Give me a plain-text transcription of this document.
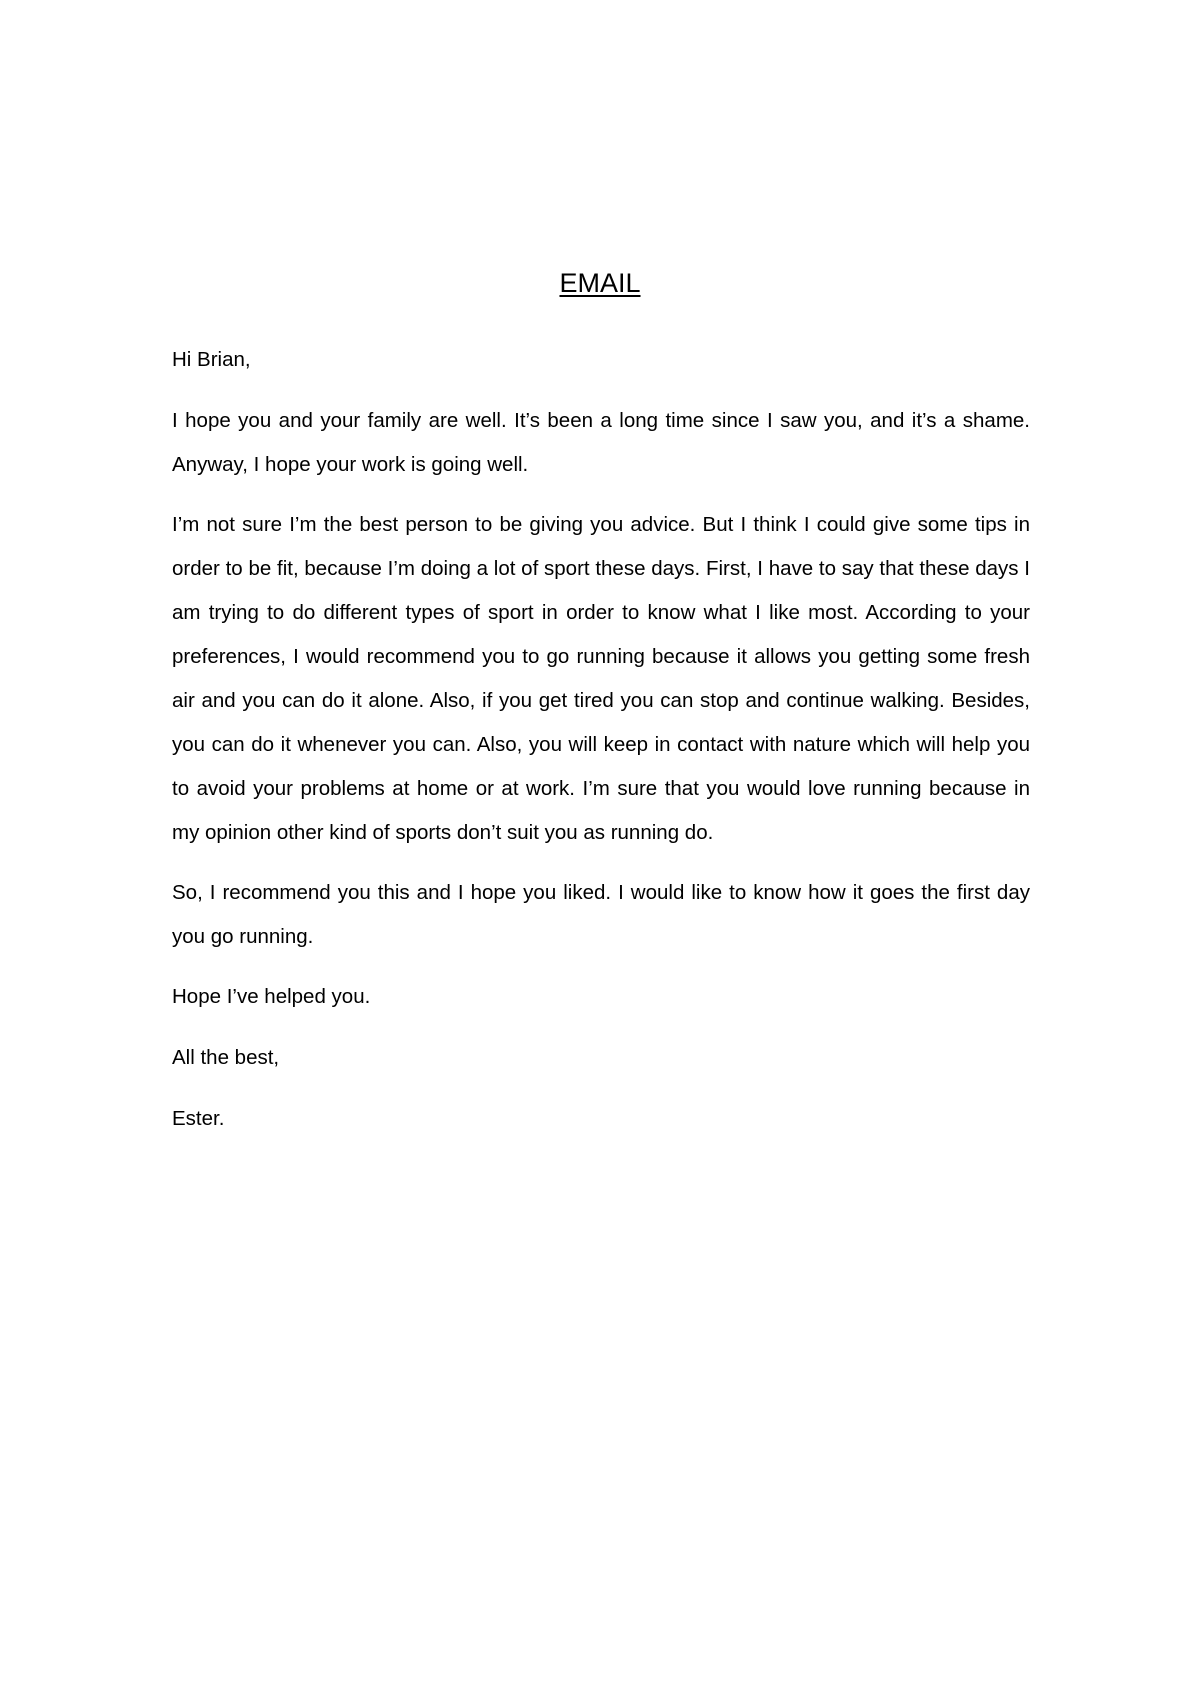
EMAIL

Hi Brian,

I hope you and your family are well. It’s been a long time since I saw you, and it’s a shame. Anyway, I hope your work is going well.

I’m not sure I’m the best person to be giving you advice. But I think I could give some tips in order to be fit, because I’m doing a lot of sport these days. First, I have to say that these days I am trying to do different types of sport in order to know what I like most. According to your preferences, I would recommend you to go running because it allows you getting some fresh air and you can do it alone. Also, if you get tired you can stop and continue walking. Besides, you can do it whenever you can. Also, you will keep in contact with nature which will help you to avoid your problems at home or at work. I’m sure that you would love running because in my opinion other kind of sports don’t suit you as running do.

So, I recommend you this and I hope you liked. I would like to know how it goes the first day you go running.

Hope I’ve helped you.

All the best,

Ester.
